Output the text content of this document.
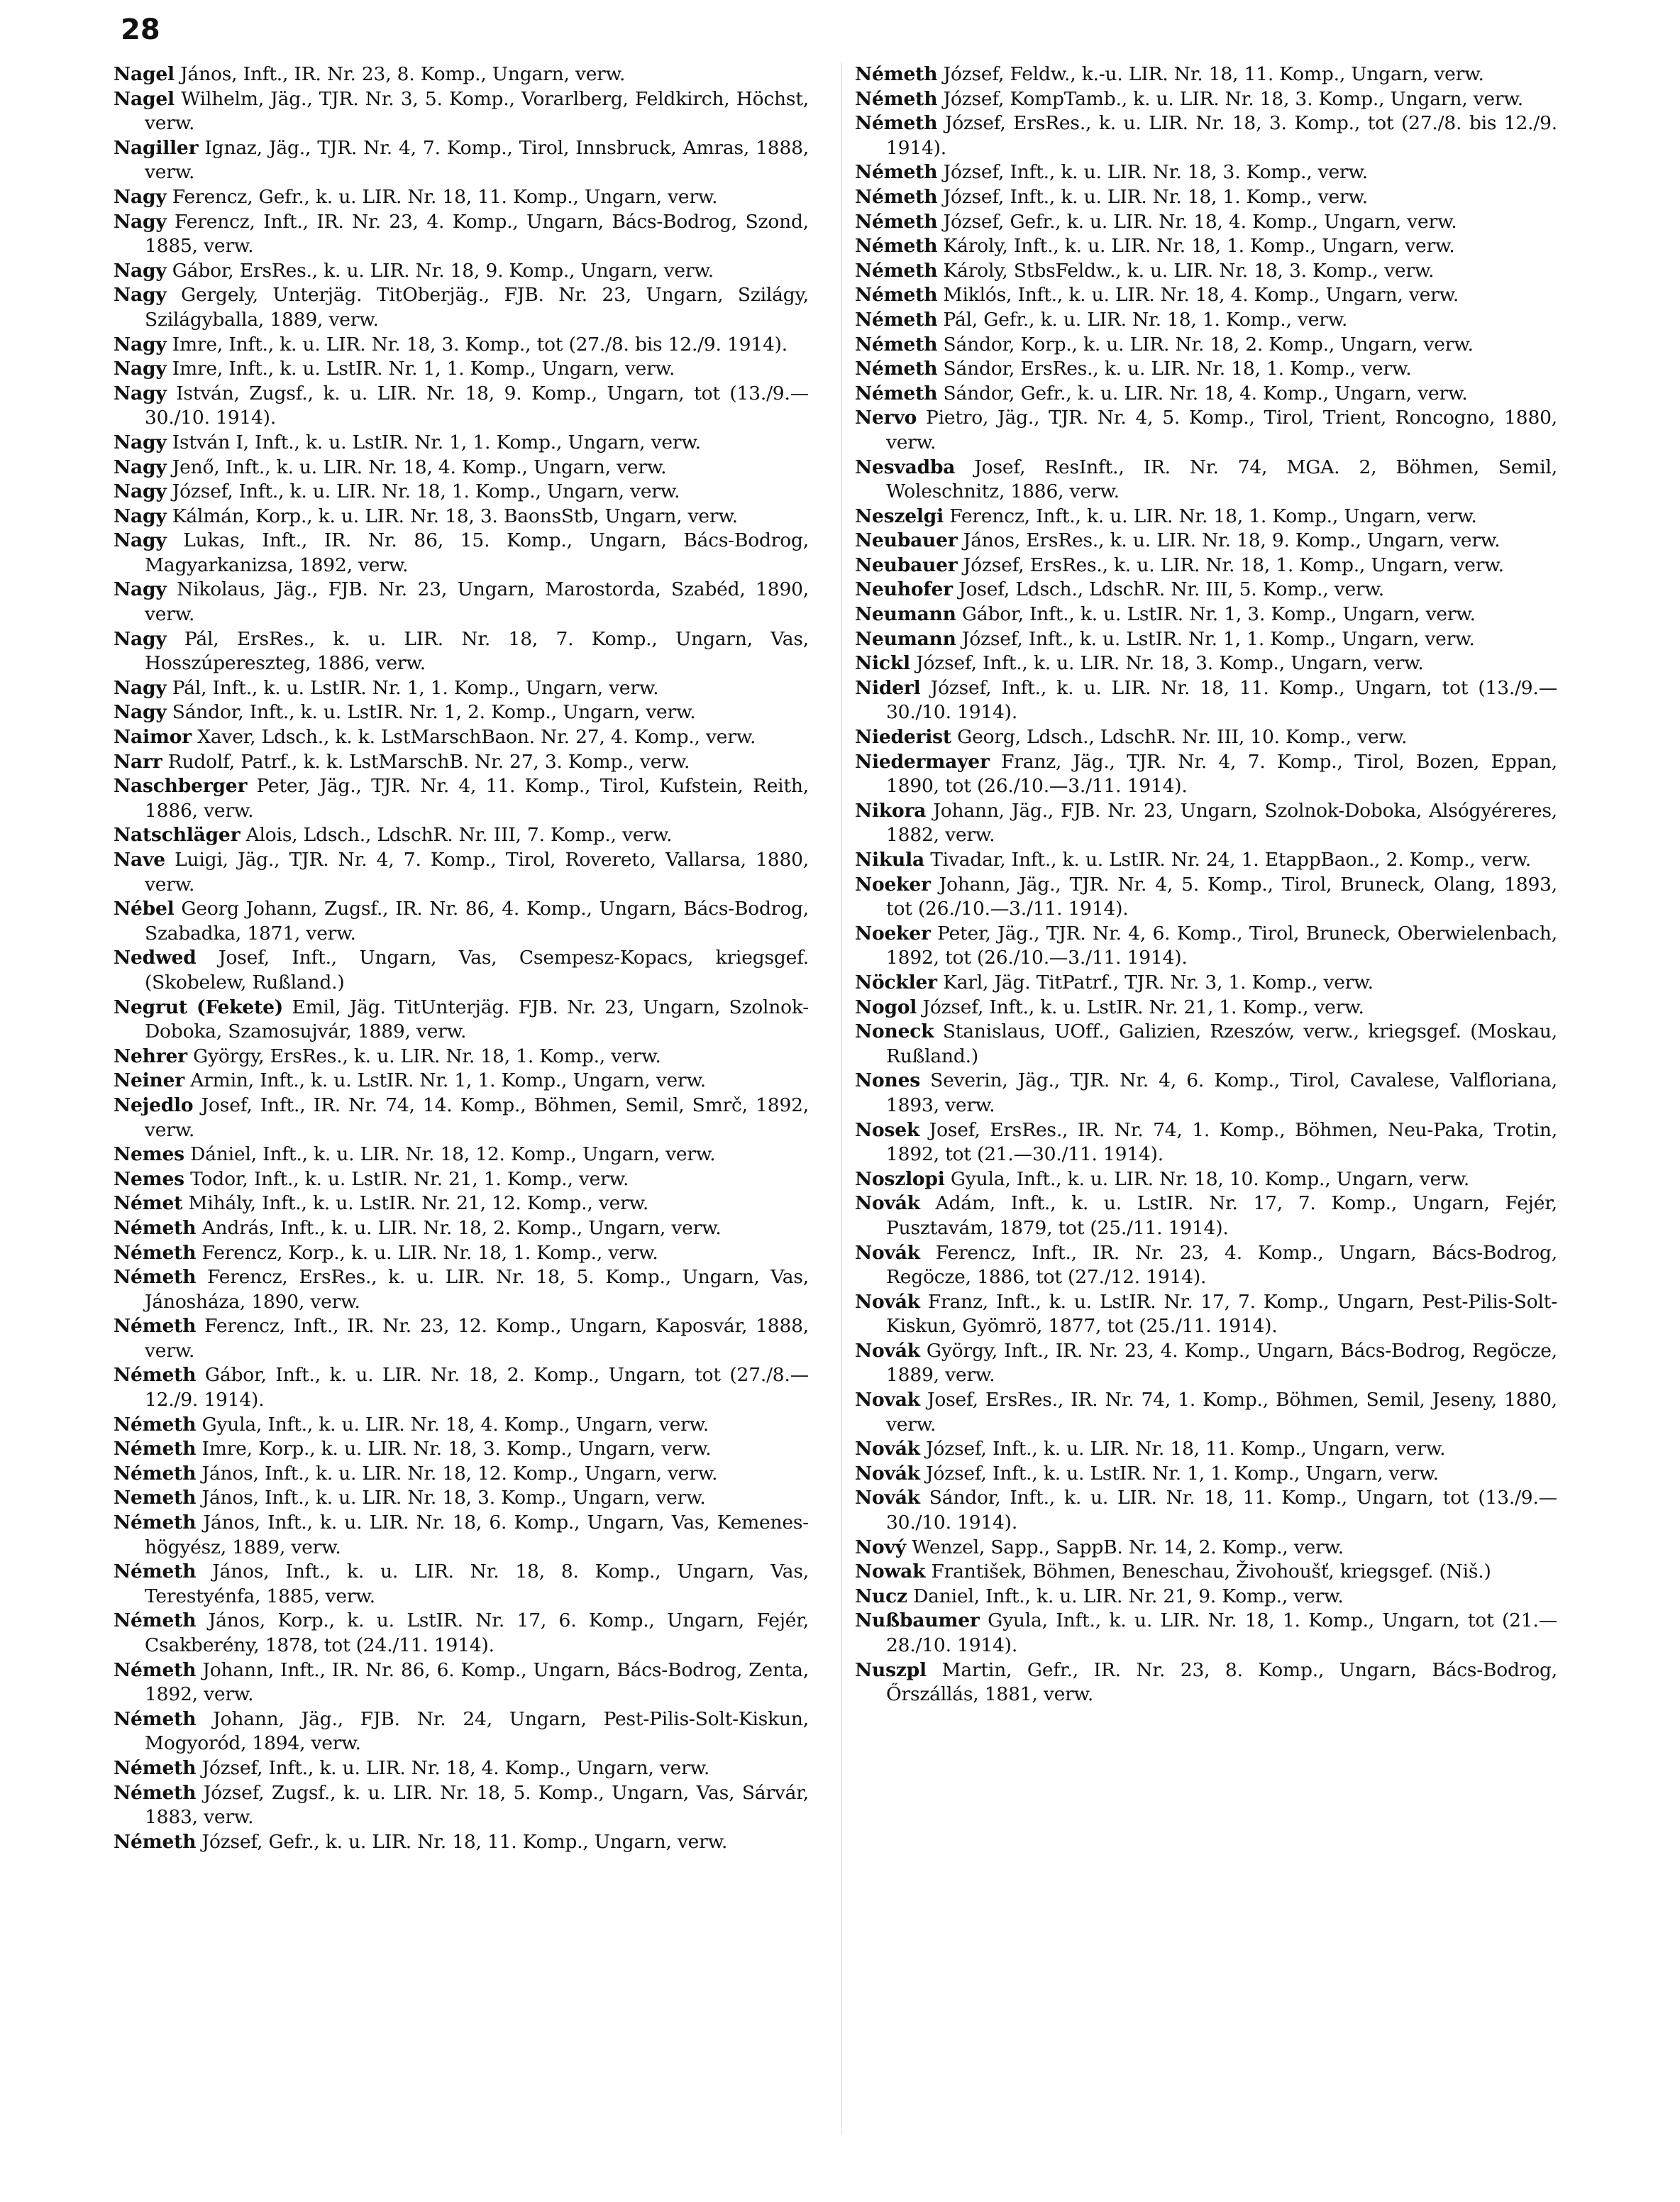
28

Nagel János, Inft., IR. Nr. 23, 8. Komp., Ungarn, verw.

Nagel Wilhelm, Jäg., TJR. Nr. 3, 5. Komp., Vorarlberg, Feldkirch, Höchst, verw.

Nagiller Ignaz, Jäg., TJR. Nr. 4, 7. Komp., Tirol, Innsbruck, Amras, 1888, verw.

Nagy Ferencz, Gefr., k. u. LIR. Nr. 18, 11. Komp., Ungarn, verw.

Nagy Ferencz, Inft., IR. Nr. 23, 4. Komp., Ungarn, Bács-Bodrog, Szond, 1885, verw.

Nagy Gábor, ErsRes., k. u. LIR. Nr. 18, 9. Komp., Ungarn, verw.

Nagy Gergely, Unterjäg. TitOberjäg., FJB. Nr. 23, Ungarn, Szilágy, Szilágyballa, 1889, verw.

Nagy Imre, Inft., k. u. LIR. Nr. 18, 3. Komp., tot (27./8. bis 12./9. 1914).

Nagy Imre, Inft., k. u. LstIR. Nr. 1, 1. Komp., Ungarn, verw.

Nagy István, Zugsf., k. u. LIR. Nr. 18, 9. Komp., Ungarn, tot (13./9.—30./10. 1914).

Nagy István I, Inft., k. u. LstIR. Nr. 1, 1. Komp., Ungarn, verw.

Nagy Jenő, Inft., k. u. LIR. Nr. 18, 4. Komp., Ungarn, verw.

Nagy József, Inft., k. u. LIR. Nr. 18, 1. Komp., Ungarn, verw.

Nagy Kálmán, Korp., k. u. LIR. Nr. 18, 3. BaonsStb, Ungarn, verw.

Nagy Lukas, Inft., IR. Nr. 86, 15. Komp., Ungarn, Bács-Bodrog, Magyarkanizsa, 1892, verw.

Nagy Nikolaus, Jäg., FJB. Nr. 23, Ungarn, Marostorda, Szabéd, 1890, verw.

Nagy Pál, ErsRes., k. u. LIR. Nr. 18, 7. Komp., Ungarn, Vas, Hosszúpereszteg, 1886, verw.

Nagy Pál, Inft., k. u. LstIR. Nr. 1, 1. Komp., Ungarn, verw.

Nagy Sándor, Inft., k. u. LstIR. Nr. 1, 2. Komp., Ungarn, verw.

Naimor Xaver, Ldsch., k. k. LstMarschBaon. Nr. 27, 4. Komp., verw.

Narr Rudolf, Patrf., k. k. LstMarschB. Nr. 27, 3. Komp., verw.

Naschberger Peter, Jäg., TJR. Nr. 4, 11. Komp., Tirol, Kufstein, Reith, 1886, verw.

Natschläger Alois, Ldsch., LdschR. Nr. III, 7. Komp., verw.

Nave Luigi, Jäg., TJR. Nr. 4, 7. Komp., Tirol, Rovereto, Vallarsa, 1880, verw.

Nébel Georg Johann, Zugsf., IR. Nr. 86, 4. Komp., Ungarn, Bács-Bodrog, Szabadka, 1871, verw.

Nedwed Josef, Inft., Ungarn, Vas, Csempesz-Kopacs, kriegsgef. (Skobelew, Rußland.)

Negrut (Fekete) Emil, Jäg. TitUnterjäg. FJB. Nr. 23, Ungarn, Szolnok-Doboka, Szamosujvár, 1889, verw.

Nehrer György, ErsRes., k. u. LIR. Nr. 18, 1. Komp., verw.

Neiner Armin, Inft., k. u. LstIR. Nr. 1, 1. Komp., Ungarn, verw.

Nejedlo Josef, Inft., IR. Nr. 74, 14. Komp., Böhmen, Semil, Smrč, 1892, verw.

Nemes Dániel, Inft., k. u. LIR. Nr. 18, 12. Komp., Ungarn, verw.

Nemes Todor, Inft., k. u. LstIR. Nr. 21, 1. Komp., verw.

Német Mihály, Inft., k. u. LstIR. Nr. 21, 12. Komp., verw.

Németh András, Inft., k. u. LIR. Nr. 18, 2. Komp., Ungarn, verw.

Németh Ferencz, Korp., k. u. LIR. Nr. 18, 1. Komp., verw.

Németh Ferencz, ErsRes., k. u. LIR. Nr. 18, 5. Komp., Ungarn, Vas, Jánosháza, 1890, verw.

Németh Ferencz, Inft., IR. Nr. 23, 12. Komp., Ungarn, Kaposvár, 1888, verw.

Németh Gábor, Inft., k. u. LIR. Nr. 18, 2. Komp., Ungarn, tot (27./8.—12./9. 1914).

Németh Gyula, Inft., k. u. LIR. Nr. 18, 4. Komp., Ungarn, verw.

Németh Imre, Korp., k. u. LIR. Nr. 18, 3. Komp., Ungarn, verw.

Németh János, Inft., k. u. LIR. Nr. 18, 12. Komp., Ungarn, verw.

Nemeth János, Inft., k. u. LIR. Nr. 18, 3. Komp., Ungarn, verw.

Németh János, Inft., k. u. LIR. Nr. 18, 6. Komp., Ungarn, Vas, Kemenes-högyész, 1889, verw.

Németh János, Inft., k. u. LIR. Nr. 18, 8. Komp., Ungarn, Vas, Terestyénfa, 1885, verw.

Németh János, Korp., k. u. LstIR. Nr. 17, 6. Komp., Ungarn, Fejér, Csakberény, 1878, tot (24./11. 1914).

Németh Johann, Inft., IR. Nr. 86, 6. Komp., Ungarn, Bács-Bodrog, Zenta, 1892, verw.

Németh Johann, Jäg., FJB. Nr. 24, Ungarn, Pest-Pilis-Solt-Kiskun, Mogyoród, 1894, verw.

Németh József, Inft., k. u. LIR. Nr. 18, 4. Komp., Ungarn, verw.

Németh József, Zugsf., k. u. LIR. Nr. 18, 5. Komp., Ungarn, Vas, Sárvár, 1883, verw.

Németh József, Gefr., k. u. LIR. Nr. 18, 11. Komp., Ungarn, verw.

Németh József, Feldw., k.-u. LIR. Nr. 18, 11. Komp., Ungarn, verw.

Németh József, KompTamb., k. u. LIR. Nr. 18, 3. Komp., Ungarn, verw.

Németh József, ErsRes., k. u. LIR. Nr. 18, 3. Komp., tot (27./8. bis 12./9. 1914).

Németh József, Inft., k. u. LIR. Nr. 18, 3. Komp., verw.

Németh József, Inft., k. u. LIR. Nr. 18, 1. Komp., verw.

Németh József, Gefr., k. u. LIR. Nr. 18, 4. Komp., Ungarn, verw.

Németh Károly, Inft., k. u. LIR. Nr. 18, 1. Komp., Ungarn, verw.

Németh Károly, StbsFeldw., k. u. LIR. Nr. 18, 3. Komp., verw.

Németh Miklós, Inft., k. u. LIR. Nr. 18, 4. Komp., Ungarn, verw.

Németh Pál, Gefr., k. u. LIR. Nr. 18, 1. Komp., verw.

Németh Sándor, Korp., k. u. LIR. Nr. 18, 2. Komp., Ungarn, verw.

Németh Sándor, ErsRes., k. u. LIR. Nr. 18, 1. Komp., verw.

Németh Sándor, Gefr., k. u. LIR. Nr. 18, 4. Komp., Ungarn, verw.

Nervo Pietro, Jäg., TJR. Nr. 4, 5. Komp., Tirol, Trient, Roncogno, 1880, verw.

Nesvadba Josef, ResInft., IR. Nr. 74, MGA. 2, Böhmen, Semil, Woleschnitz, 1886, verw.

Neszelgi Ferencz, Inft., k. u. LIR. Nr. 18, 1. Komp., Ungarn, verw.

Neubauer János, ErsRes., k. u. LIR. Nr. 18, 9. Komp., Ungarn, verw.

Neubauer József, ErsRes., k. u. LIR. Nr. 18, 1. Komp., Ungarn, verw.

Neuhofer Josef, Ldsch., LdschR. Nr. III, 5. Komp., verw.

Neumann Gábor, Inft., k. u. LstIR. Nr. 1, 3. Komp., Ungarn, verw.

Neumann József, Inft., k. u. LstIR. Nr. 1, 1. Komp., Ungarn, verw.

Nickl József, Inft., k. u. LIR. Nr. 18, 3. Komp., Ungarn, verw.

Niderl József, Inft., k. u. LIR. Nr. 18, 11. Komp., Ungarn, tot (13./9.—30./10. 1914).

Niederist Georg, Ldsch., LdschR. Nr. III, 10. Komp., verw.

Niedermayer Franz, Jäg., TJR. Nr. 4, 7. Komp., Tirol, Bozen, Eppan, 1890, tot (26./10.—3./11. 1914).

Nikora Johann, Jäg., FJB. Nr. 23, Ungarn, Szolnok-Doboka, Alsógyéreres, 1882, verw.

Nikula Tivadar, Inft., k. u. LstIR. Nr. 24, 1. EtappBaon., 2. Komp., verw.

Noeker Johann, Jäg., TJR. Nr. 4, 5. Komp., Tirol, Bruneck, Olang, 1893, tot (26./10.—3./11. 1914).

Noeker Peter, Jäg., TJR. Nr. 4, 6. Komp., Tirol, Bruneck, Oberwielenbach, 1892, tot (26./10.—3./11. 1914).

Nöckler Karl, Jäg. TitPatrf., TJR. Nr. 3, 1. Komp., verw.

Nogol József, Inft., k. u. LstIR. Nr. 21, 1. Komp., verw.

Noneck Stanislaus, UOff., Galizien, Rzeszów, verw., kriegsgef. (Moskau, Rußland.)

Nones Severin, Jäg., TJR. Nr. 4, 6. Komp., Tirol, Cavalese, Valfloriana, 1893, verw.

Nosek Josef, ErsRes., IR. Nr. 74, 1. Komp., Böhmen, Neu-Paka, Trotin, 1892, tot (21.—30./11. 1914).

Noszlopi Gyula, Inft., k. u. LIR. Nr. 18, 10. Komp., Ungarn, verw.

Novák Adám, Inft., k. u. LstIR. Nr. 17, 7. Komp., Ungarn, Fejér, Pusztavám, 1879, tot (25./11. 1914).

Novák Ferencz, Inft., IR. Nr. 23, 4. Komp., Ungarn, Bács-Bodrog, Regöcze, 1886, tot (27./12. 1914).

Novák Franz, Inft., k. u. LstIR. Nr. 17, 7. Komp., Ungarn, Pest-Pilis-Solt-Kiskun, Gyömrö, 1877, tot (25./11. 1914).

Novák György, Inft., IR. Nr. 23, 4. Komp., Ungarn, Bács-Bodrog, Regöcze, 1889, verw.

Novak Josef, ErsRes., IR. Nr. 74, 1. Komp., Böhmen, Semil, Jeseny, 1880, verw.

Novák József, Inft., k. u. LIR. Nr. 18, 11. Komp., Ungarn, verw.

Novák József, Inft., k. u. LstIR. Nr. 1, 1. Komp., Ungarn, verw.

Novák Sándor, Inft., k. u. LIR. Nr. 18, 11. Komp., Ungarn, tot (13./9.—30./10. 1914).

Nový Wenzel, Sapp., SappB. Nr. 14, 2. Komp., verw.

Nowak František, Böhmen, Beneschau, Živohoušť, kriegsgef. (Niš.)

Nucz Daniel, Inft., k. u. LIR. Nr. 21, 9. Komp., verw.

Nußbaumer Gyula, Inft., k. u. LIR. Nr. 18, 1. Komp., Ungarn, tot (21.—28./10. 1914).

Nuszpl Martin, Gefr., IR. Nr. 23, 8. Komp., Ungarn, Bács-Bodrog, Őrszállás, 1881, verw.
